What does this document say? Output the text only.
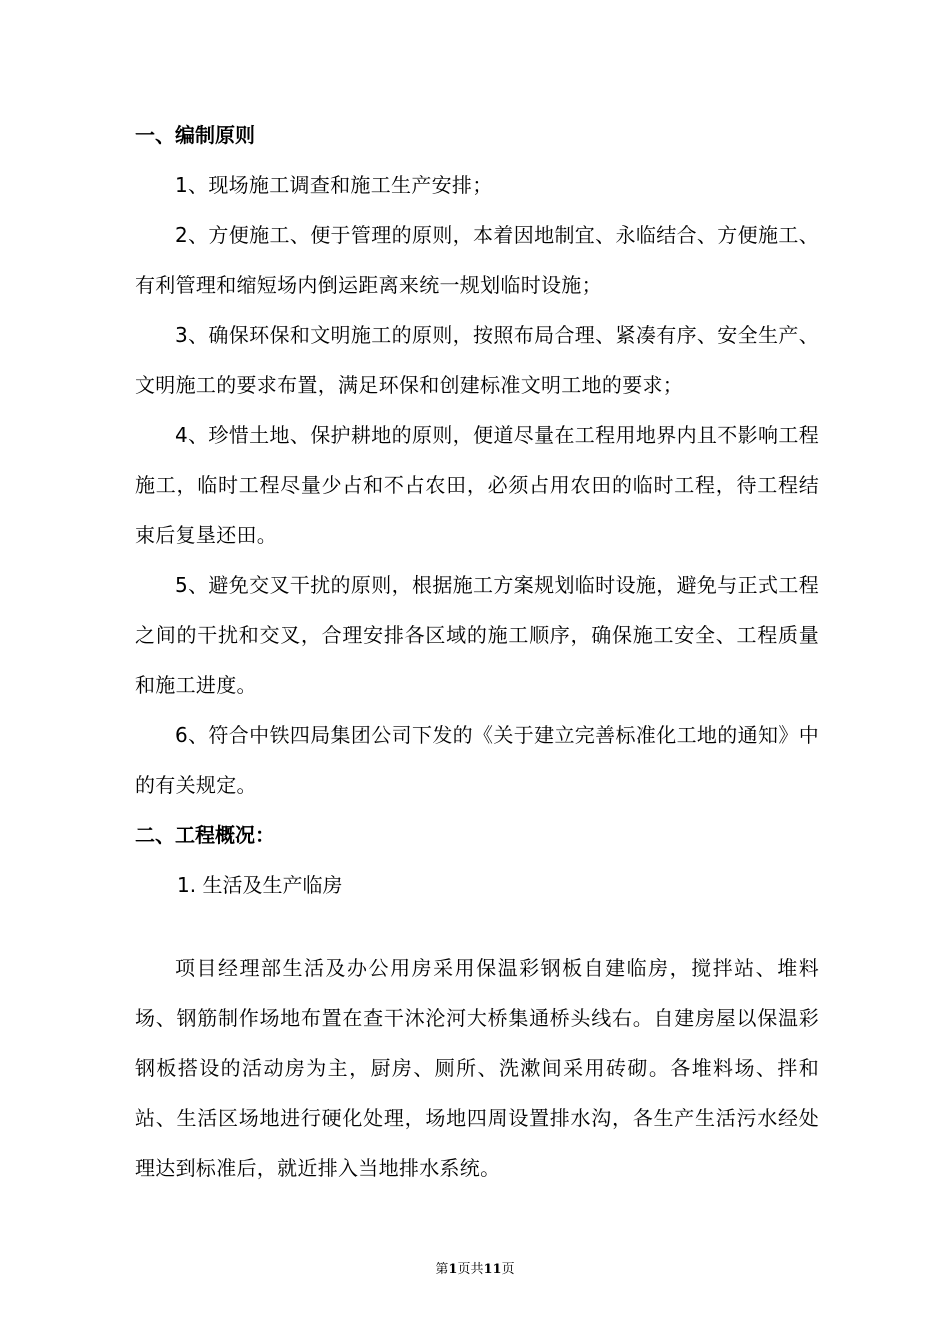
一、编制原则

1、现场施工调查和施工生产安排；

2、方便施工、便于管理的原则，本着因地制宜、永临结合、方便施工、有利管理和缩短场内倒运距离来统一规划临时设施；

3、确保环保和文明施工的原则，按照布局合理、紧凑有序、安全生产、文明施工的要求布置，满足环保和创建标准文明工地的要求；

4、珍惜土地、保护耕地的原则，便道尽量在工程用地界内且不影响工程施工，临时工程尽量少占和不占农田，必须占用农田的临时工程，待工程结束后复垦还田。

5、避免交叉干扰的原则，根据施工方案规划临时设施，避免与正式工程之间的干扰和交叉，合理安排各区域的施工顺序，确保施工安全、工程质量和施工进度。

6、符合中铁四局集团公司下发的《关于建立完善标准化工地的通知》中的有关规定。

二、工程概况：

1. 生活及生产临房

项目经理部生活及办公用房采用保温彩钢板自建临房，搅拌站、堆料场、钢筋制作场地布置在查干沐沦河大桥集通桥头线右。自建房屋以保温彩钢板搭设的活动房为主，厨房、厕所、洗漱间采用砖砌。各堆料场、拌和站、生活区场地进行硬化处理，场地四周设置排水沟，各生产生活污水经处理达到标准后，就近排入当地排水系统。

第1页共11页
